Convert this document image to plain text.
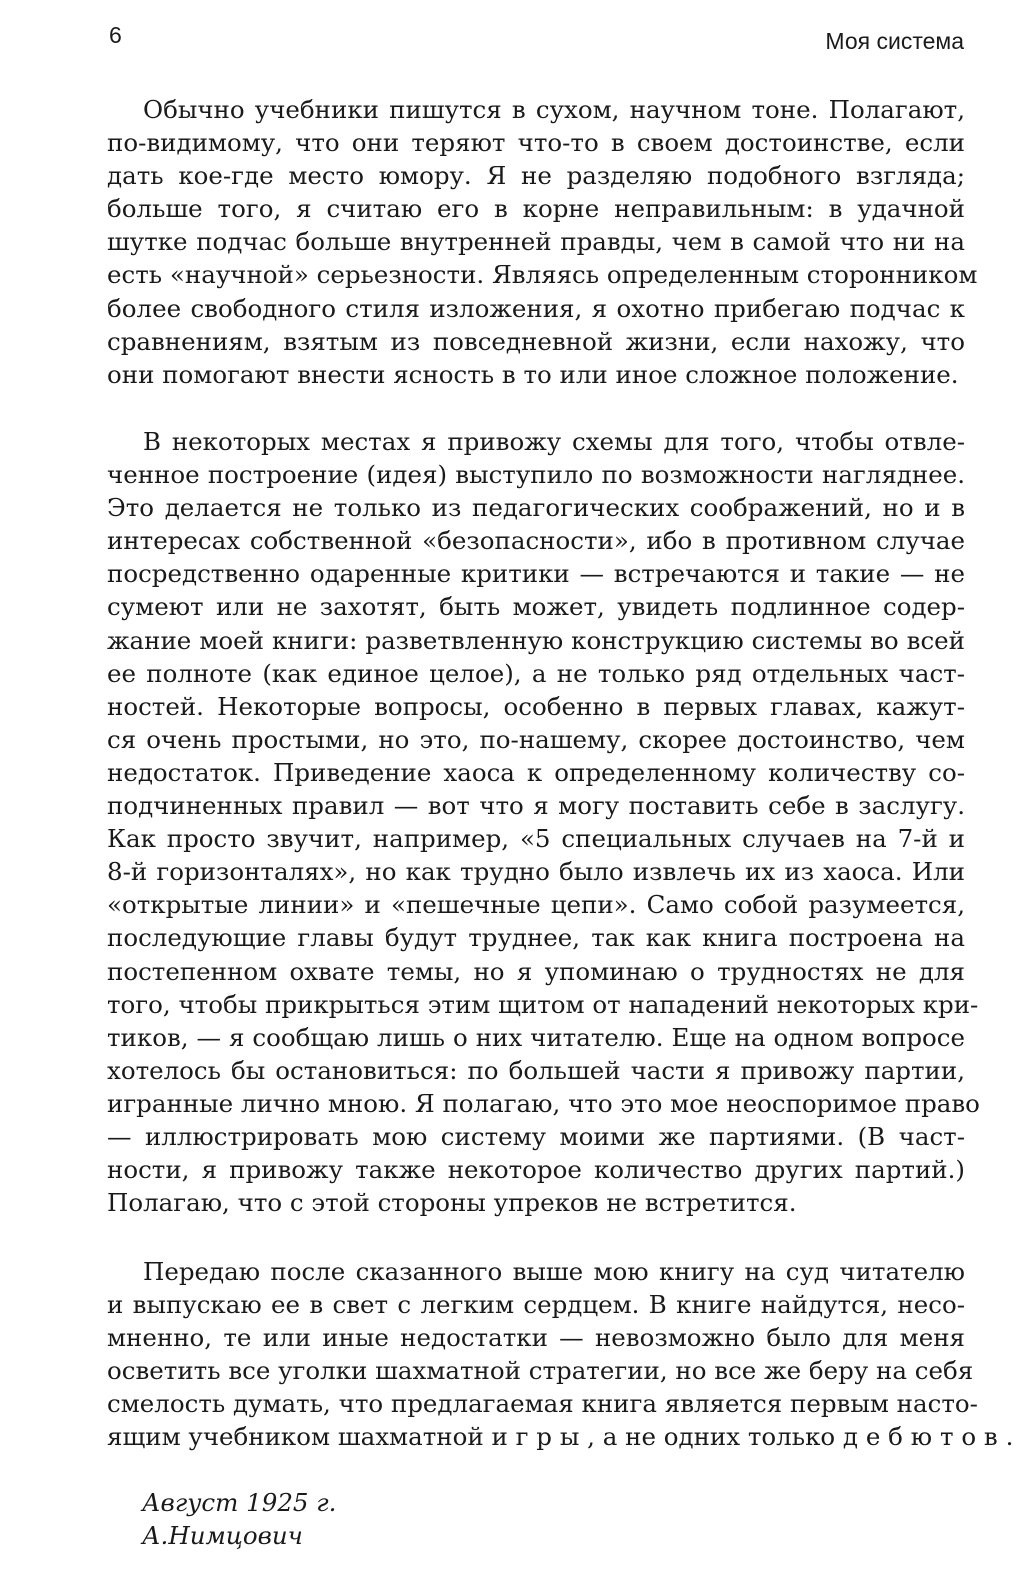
6	Моя система
Обычно учебники пишутся в сухом, научном тоне. Полагают,
по-видимому, что они теряют что-то в своем достоинстве, если
дать кое-где место юмору. Я не разделяю подобного взгляда;
больше того, я считаю его в корне неправильным: в удачной
шутке подчас больше внутренней правды, чем в самой что ни на
есть «научной» серьезности. Являясь определенным сторонником
более свободного стиля изложения, я охотно прибегаю подчас к
сравнениям, взятым из повседневной жизни, если нахожу, что
они помогают внести ясность в то или иное сложное положение.
В некоторых местах я привожу схемы для того, чтобы отвле-
ченное построение (идея) выступило по возможности нагляднее.
Это делается не только из педагогических соображений, но и в
интересах собственной «безопасности», ибо в противном случае
посредственно одаренные критики — встречаются и такие — не
сумеют или не захотят, быть может, увидеть подлинное содер-
жание моей книги: разветвленную конструкцию системы во всей
ее полноте (как единое целое), а не только ряд отдельных част-
ностей. Некоторые вопросы, особенно в первых главах, кажут-
ся очень простыми, но это, по-нашему, скорее достоинство, чем
недостаток. Приведение хаоса к определенному количеству со-
подчиненных правил — вот что я могу поставить себе в заслугу.
Как просто звучит, например, «5 специальных случаев на 7-й и
8-й горизонталях», но как трудно было извлечь их из хаоса. Или
«открытые линии» и «пешечные цепи». Само собой разумеется,
последующие главы будут труднее, так как книга построена на
постепенном охвате темы, но я упоминаю о трудностях не для
того, чтобы прикрыться этим щитом от нападений некоторых кри-
тиков, — я сообщаю лишь о них читателю. Еще на одном вопросе
хотелось бы остановиться: по большей части я привожу партии,
игранные лично мною. Я полагаю, что это мое неоспоримое право
— иллюстрировать мою систему моими же партиями. (В част-
ности, я привожу также некоторое количество других партий.)
Полагаю, что с этой стороны упреков не встретится.
Передаю после сказанного выше мою книгу на суд читателю
и выпускаю ее в свет с легким сердцем. В книге найдутся, несо-
мненно, те или иные недостатки — невозможно было для меня
осветить все уголки шахматной стратегии, но все же беру на себя
смелость думать, что предлагаемая книга является первым насто-
ящим учебником шахматной игры, а не одних только дебютов.
Август 1925 г.
А.Нимцович
